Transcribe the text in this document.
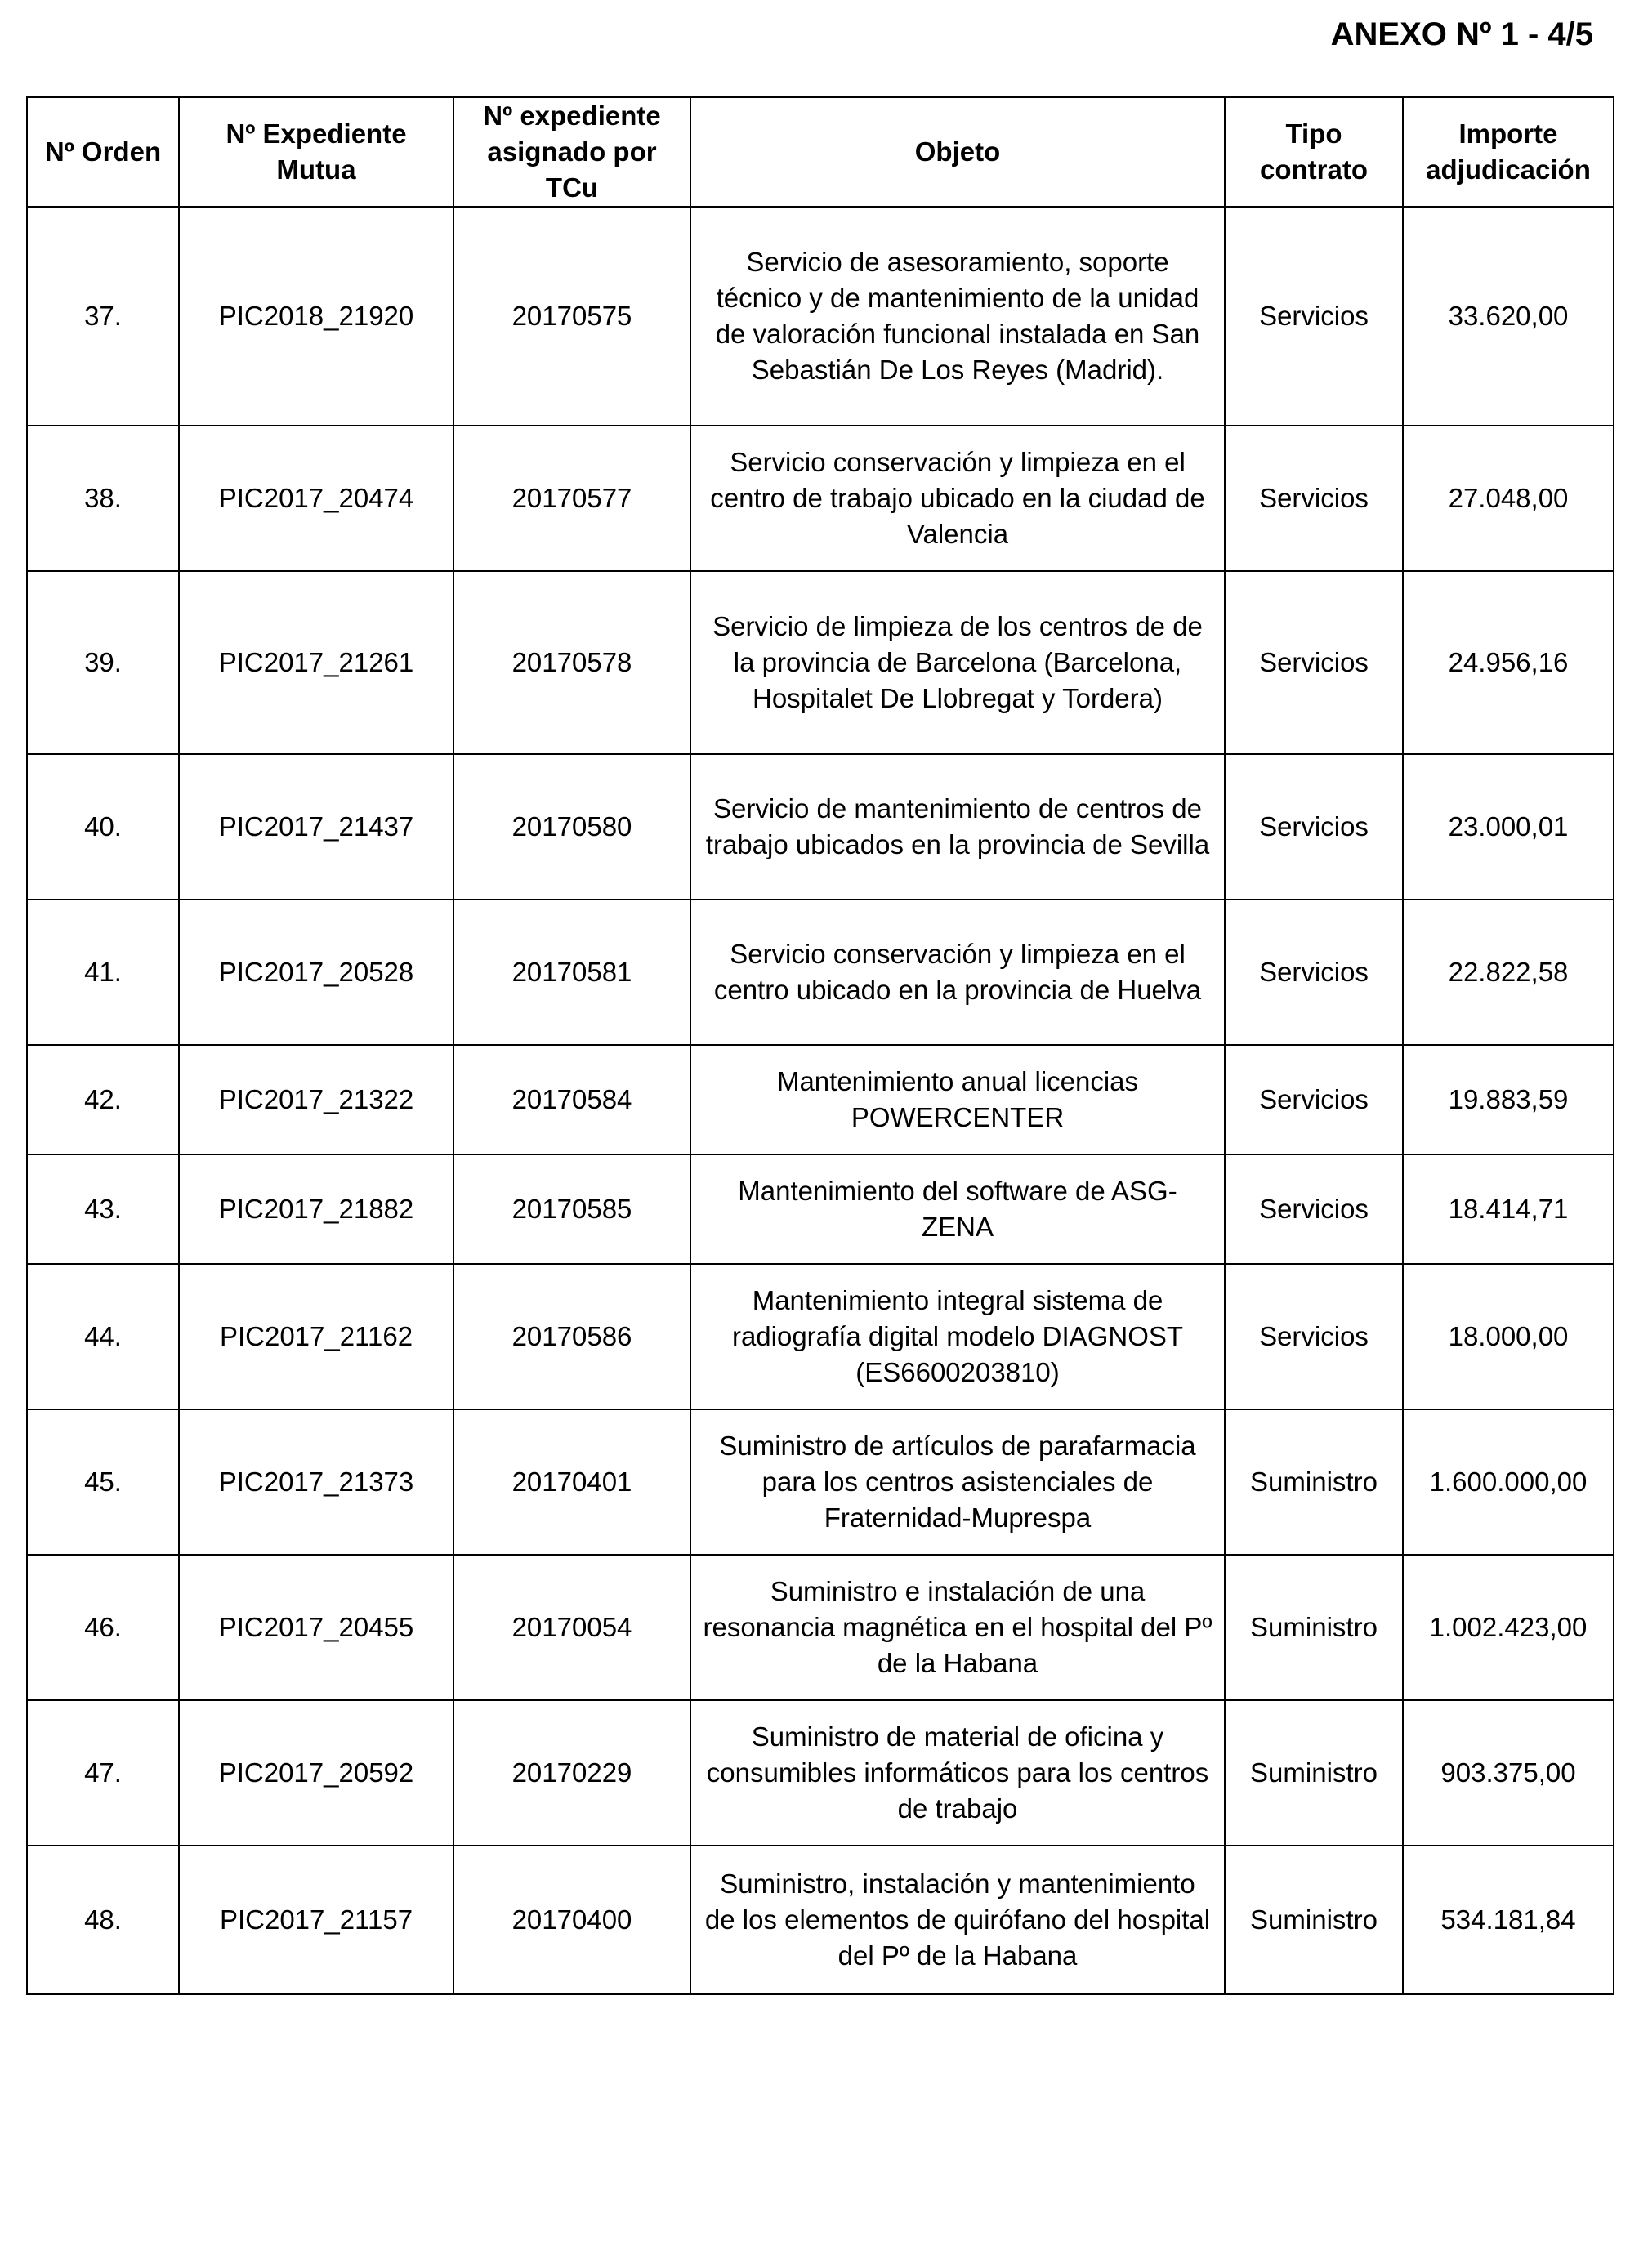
ANEXO Nº 1 - 4/5
Nº Orden	Nº Expediente Mutua	Nº expediente asignado por TCu	Objeto	Tipo contrato	Importe adjudicación
37.	PIC2018_21920	20170575	Servicio de asesoramiento, soporte técnico y de mantenimiento de la unidad de valoración funcional instalada en San Sebastián De Los Reyes (Madrid).	Servicios	33.620,00
38.	PIC2017_20474	20170577	Servicio conservación y limpieza en el centro de trabajo ubicado en la ciudad de Valencia	Servicios	27.048,00
39.	PIC2017_21261	20170578	Servicio de limpieza de los centros de de la provincia de Barcelona (Barcelona, Hospitalet De Llobregat y Tordera)	Servicios	24.956,16
40.	PIC2017_21437	20170580	Servicio de mantenimiento de centros de trabajo ubicados en la provincia de Sevilla	Servicios	23.000,01
41.	PIC2017_20528	20170581	Servicio conservación y limpieza en el centro ubicado en la provincia de Huelva	Servicios	22.822,58
42.	PIC2017_21322	20170584	Mantenimiento anual licencias POWERCENTER	Servicios	19.883,59
43.	PIC2017_21882	20170585	Mantenimiento del software de ASG-ZENA	Servicios	18.414,71
44.	PIC2017_21162	20170586	Mantenimiento integral sistema de radiografía digital modelo DIAGNOST (ES6600203810)	Servicios	18.000,00
45.	PIC2017_21373	20170401	Suministro de artículos de parafarmacia para los centros asistenciales de Fraternidad-Muprespa	Suministro	1.600.000,00
46.	PIC2017_20455	20170054	Suministro e instalación de una resonancia magnética en el hospital del Pº de la Habana	Suministro	1.002.423,00
47.	PIC2017_20592	20170229	Suministro de material de oficina y consumibles informáticos para los centros de trabajo	Suministro	903.375,00
48.	PIC2017_21157	20170400	Suministro, instalación y mantenimiento de los elementos de quirófano del hospital del Pº de la Habana	Suministro	534.181,84
